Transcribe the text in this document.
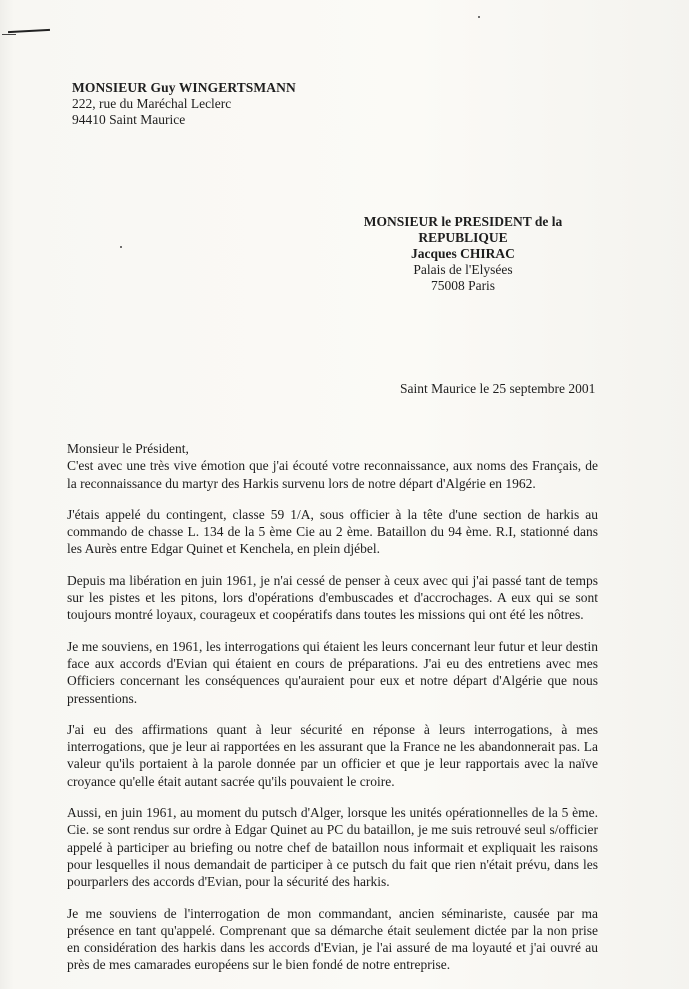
MONSIEUR Guy WINGERTSMANN
222, rue du Maréchal Leclerc
94410 Saint Maurice
MONSIEUR le PRESIDENT de la REPUBLIQUE
Jacques CHIRAC
Palais de l'Elysées
75008 Paris
Saint Maurice le 25 septembre 2001

Monsieur le Président,

C'est avec une très vive émotion que j'ai écouté votre reconnaissance, aux noms des Français, de la reconnaissance du martyr des Harkis survenu lors de notre départ d'Algérie en 1962.

J'étais appelé du contingent, classe 59 1/A, sous officier à la tête d'une section de harkis au commando de chasse L. 134 de la 5 ème Cie au 2 ème. Bataillon du 94 ème. R.I, stationné dans les Aurès entre Edgar Quinet et Kenchela, en plein djébel.

Depuis ma libération en juin 1961, je n'ai cessé de penser à ceux avec qui j'ai passé tant de temps sur les pistes et les pitons, lors d'opérations d'embuscades et d'accrochages. A eux qui se sont toujours montré loyaux, courageux et coopératifs dans toutes les missions qui ont été les nôtres.

Je me souviens, en 1961, les interrogations qui étaient les leurs concernant leur futur et leur destin face aux accords d'Evian qui étaient en cours de préparations. J'ai eu des entretiens avec mes Officiers concernant les conséquences qu'auraient pour eux et notre départ d'Algérie que nous pressentions.

J'ai eu des affirmations quant à leur sécurité en réponse à leurs interrogations, à mes interrogations, que je leur ai rapportées en les assurant que la France ne les abandonnerait pas. La valeur qu'ils portaient à la parole donnée par un officier et que je leur rapportais avec la naïve croyance qu'elle était autant sacrée qu'ils pouvaient le croire.

Aussi, en juin 1961, au moment du putsch d'Alger, lorsque les unités opérationnelles de la 5 ème. Cie. se sont rendus sur ordre à Edgar Quinet au PC du bataillon, je me suis retrouvé seul s/officier appelé à participer au briefing ou notre chef de bataillon nous informait et expliquait les raisons pour lesquelles il nous demandait de participer à ce putsch du fait que rien n'était prévu, dans les pourparlers des accords d'Evian, pour la sécurité des harkis.

Je me souviens de l'interrogation de mon commandant, ancien séminariste, causée par ma présence en tant qu'appelé. Comprenant que sa démarche était seulement dictée par la non prise en considération des harkis dans les accords d'Evian, je l'ai assuré de ma loyauté et j'ai ouvré au près de mes camarades européens sur le bien fondé de notre entreprise.
